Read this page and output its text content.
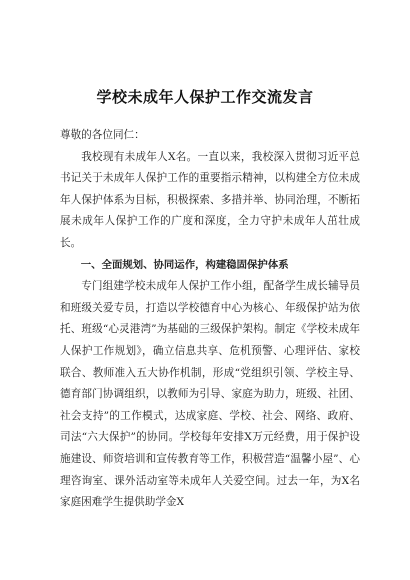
学校未成年人保护工作交流发言

尊敬的各位同仁：

我校现有未成年人X名。一直以来，我校深入贯彻习近平总书记关于未成年人保护工作的重要指示精神，以构建全方位未成年人保护体系为目标，积极探索、多措并举、协同治理，不断拓展未成年人保护工作的广度和深度，全力守护未成年人茁壮成长。

一、全面规划、协同运作，构建稳固保护体系

专门组建学校未成年人保护工作小组，配备学生成长辅导员和班级关爱专员，打造以学校德育中心为核心、年级保护站为依托、班级“心灵港湾”为基础的三级保护架构。制定《学校未成年人保护工作规划》，确立信息共享、危机预警、心理评估、家校联合、教师准入五大协作机制，形成“党组织引领、学校主导、德育部门协调组织，以教师为引导、家庭为助力，班级、社团、社会支持”的工作模式，达成家庭、学校、社会、网络、政府、司法“六大保护”的协同。学校每年安排X万元经费，用于保护设施建设、师资培训和宣传教育等工作，积极营造“温馨小屋”、心理咨询室、课外活动室等未成年人关爱空间。过去一年，为X名家庭困难学生提供助学金X
